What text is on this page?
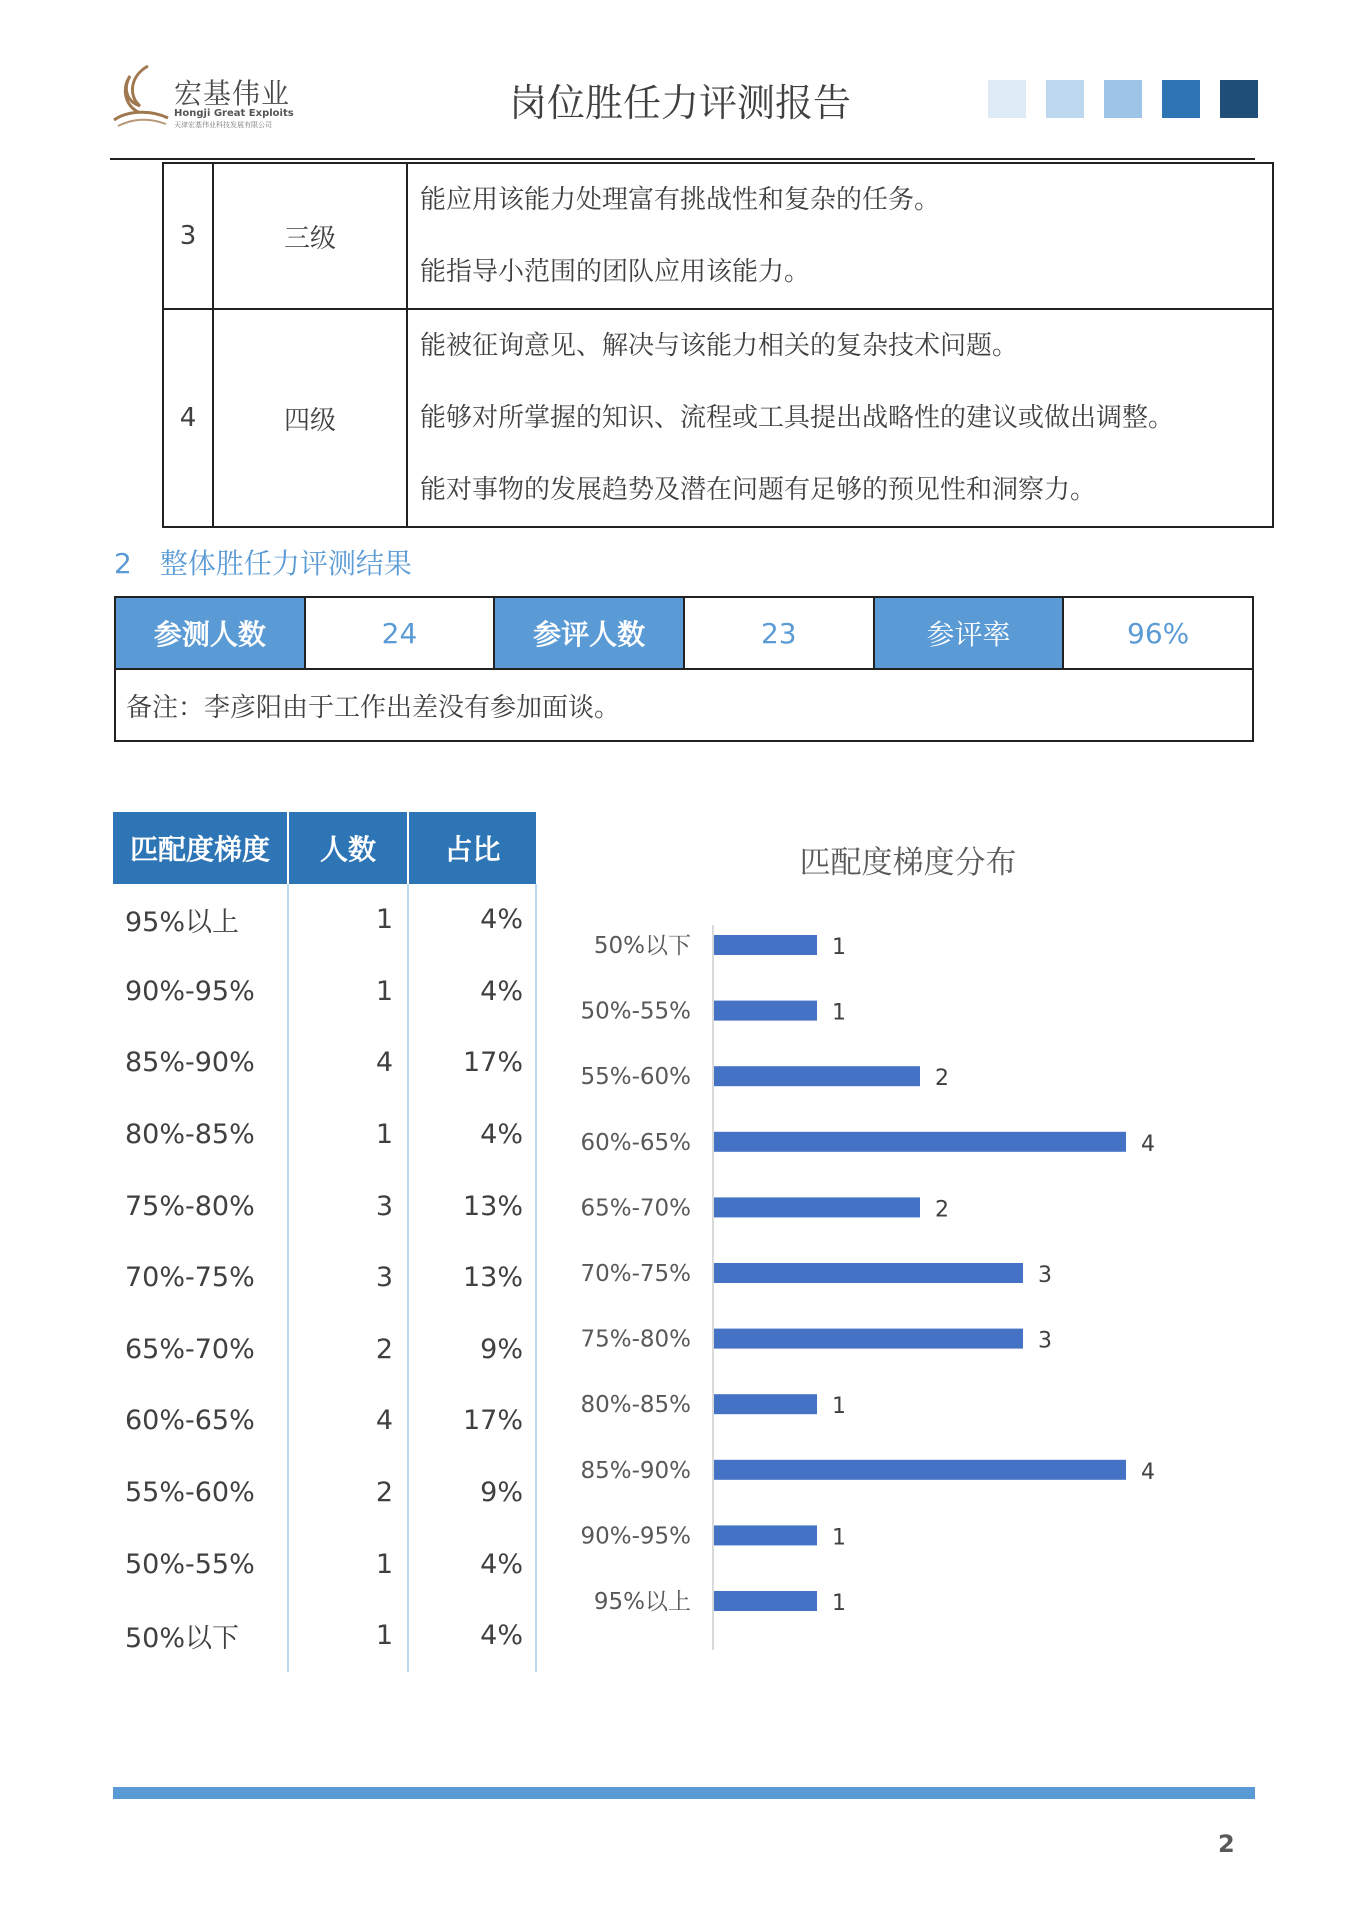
宏基伟业
Hongji Great Exploits
天津宏基伟业科技发展有限公司	岗位胜任力评测报告
3	三级	能应用该能力处理富有挑战性和复杂的任务。
能指导小范围的团队应用该能力。

4	四级	能被征询意见、解决与该能力相关的复杂技术问题。
能够对所掌握的知识、流程或工具提出战略性的建议或做出调整。
能对事物的发展趋势及潜在问题有足够的预见性和洞察力。
2 整体胜任力评测结果
参测人数	24	参评人数	23	参评率	96%
备注：李彦阳由于工作出差没有参加面谈。
匹配度梯度	人数	占比
95%以上	1	4%
90%-95%	1	4%
85%-90%	4	17%
80%-85%	1	4%
75%-80%	3	13%
70%-75%	3	13%
65%-70%	2	9%
60%-65%	4	17%
55%-60%	2	9%
50%-55%	1	4%
50%以下	1	4%
匹配度梯度分布
50%以下	1
50%-55%	1
55%-60%	2
60%-65%	4
65%-70%	2
70%-75%	3
75%-80%	3
80%-85%	1
85%-90%	4
90%-95%	1
95%以上	1
2
